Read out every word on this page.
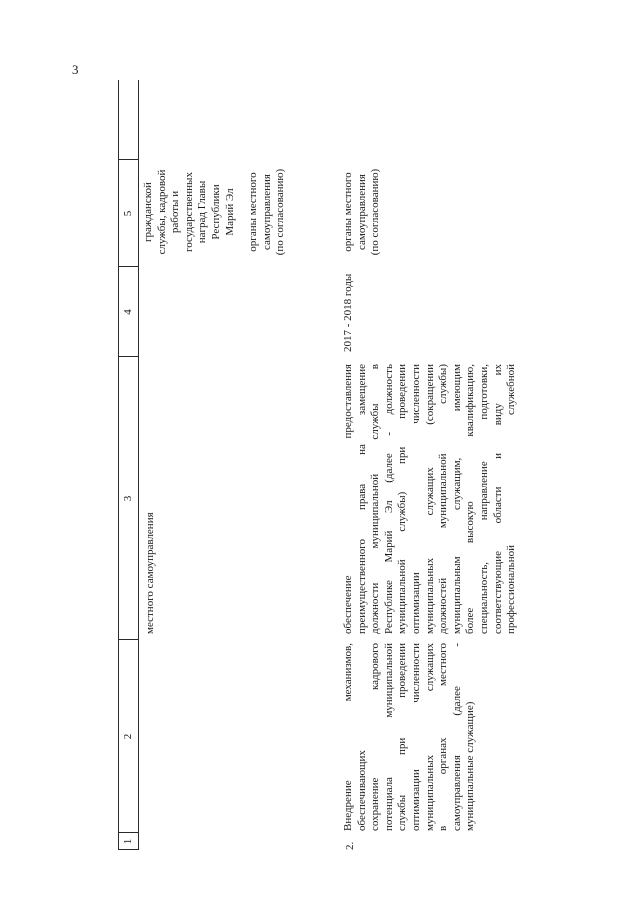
3
1
2
3
4
5
местного самоуправления
гражданской службы, кадровой работы и государственных наград Главы Республики Марий Эл органы местного самоуправления (по согласованию)
2.
Внедрение механизмов, обеспечивающих сохранение кадрового потенциала муниципальной службы при проведении оптимизации численности муниципальных служащих в органах местного самоуправления (далее - муниципальные служащие)
обеспечение предоставления преимущественного права на замещение должности муниципальной службы в Республике Марий Эл (далее - должность муниципальной службы) при проведении оптимизации численности муниципальных служащих (сокращении должностей муниципальной службы) муниципальным служащим, имеющим более высокую квалификацию, специальность, направление подготовки, соответствующие области и виду их профессиональной служебной
2017 - 2018 годы
органы местного самоуправления (по согласованию)
